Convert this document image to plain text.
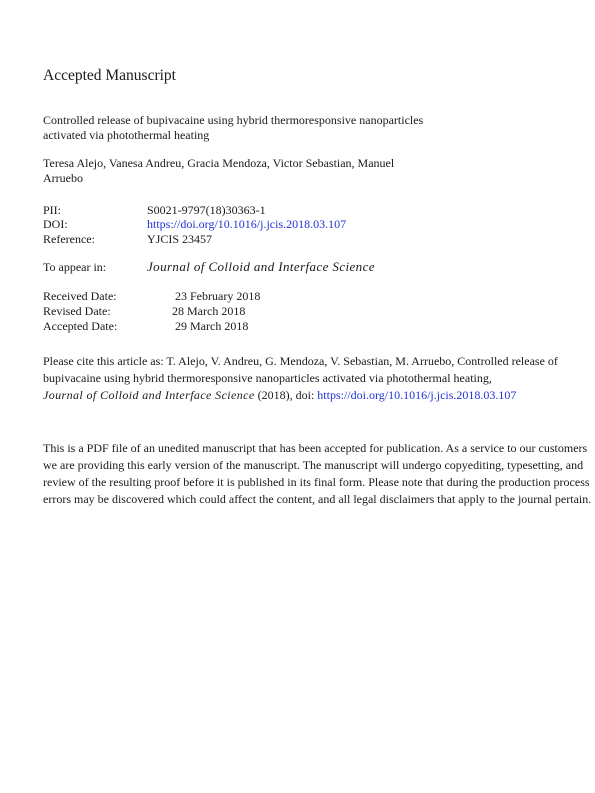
Accepted Manuscript
Controlled release of bupivacaine using hybrid thermoresponsive nanoparticles
activated via photothermal heating
Teresa Alejo, Vanesa Andreu, Gracia Mendoza, Victor Sebastian, Manuel
Arruebo
PII:	S0021-9797(18)30363-1
DOI:	https://doi.org/10.1016/j.jcis.2018.03.107
Reference:	YJCIS 23457
To appear in:	Journal of Colloid and Interface Science
Received Date:	23 February 2018
Revised Date:	28 March 2018
Accepted Date:	29 March 2018
Please cite this article as: T. Alejo, V. Andreu, G. Mendoza, V. Sebastian, M. Arruebo, Controlled release of
bupivacaine using hybrid thermoresponsive nanoparticles activated via photothermal heating,
Journal of Colloid and Interface Science (2018), doi: https://doi.org/10.1016/j.jcis.2018.03.107
This is a PDF file of an unedited manuscript that has been accepted for publication. As a service to our customers
we are providing this early version of the manuscript. The manuscript will undergo copyediting, typesetting, and
review of the resulting proof before it is published in its final form. Please note that during the production process
errors may be discovered which could affect the content, and all legal disclaimers that apply to the journal pertain.
